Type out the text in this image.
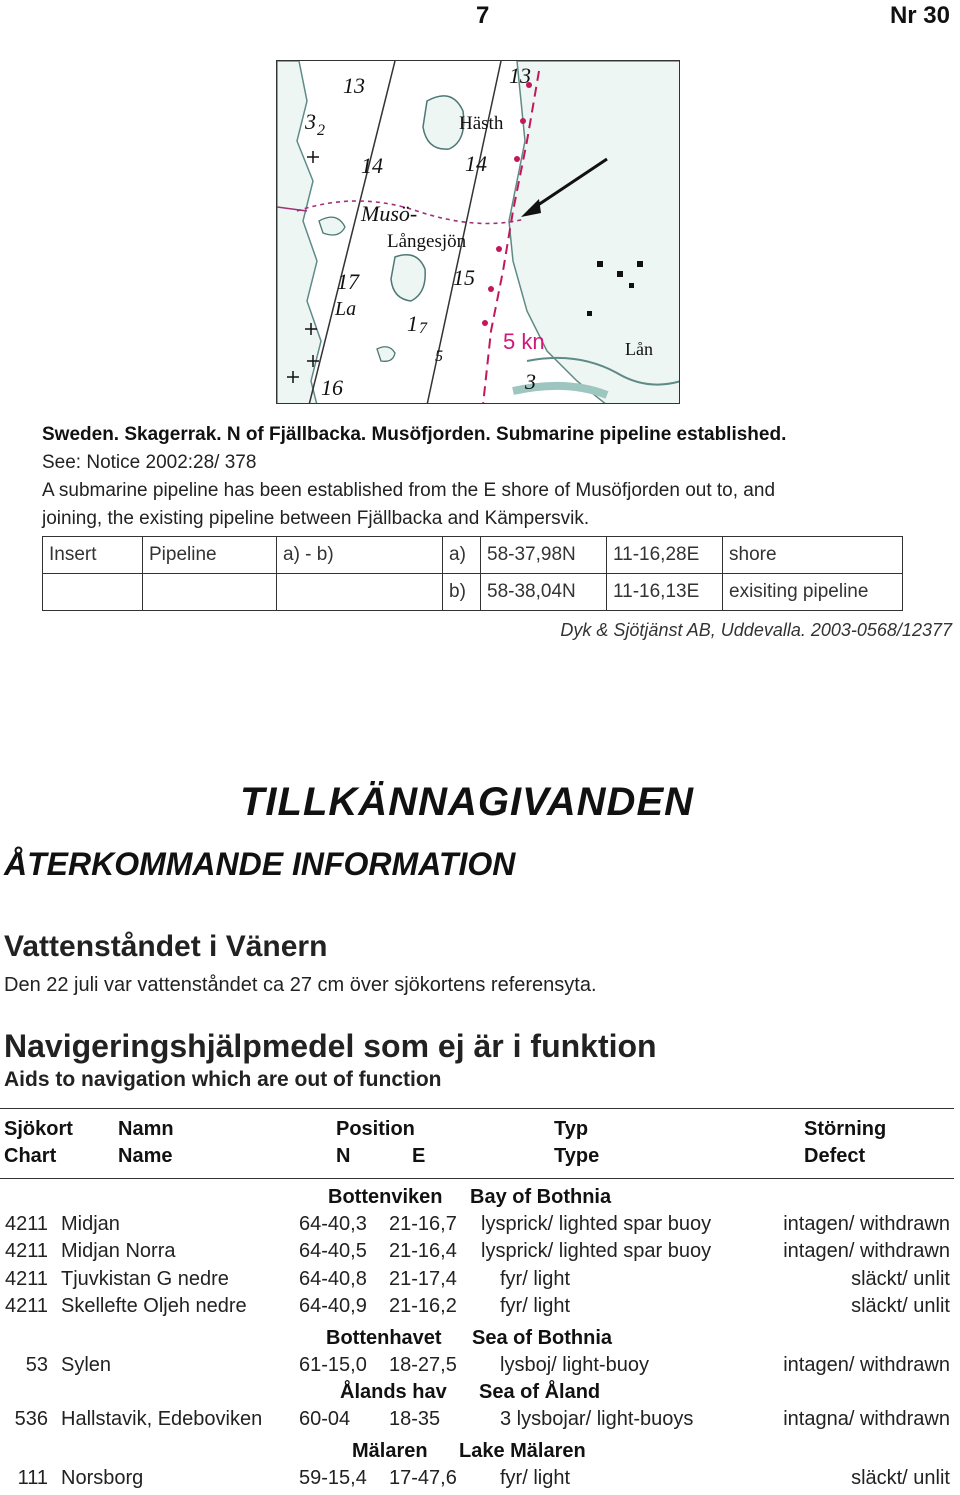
7	Nr 30
13	13
3 2
14	14
15
17
1 7
5
16	3
Hästh
Musö-
Långesjön
La
Lån
5 kn
Sweden. Skagerrak. N of Fjällbacka. Musöfjorden. Submarine pipeline established.
See: Notice 2002:28/ 378
A submarine pipeline has been established from the E shore of Musöfjorden out to, and
joining, the existing pipeline between Fjällbacka and Kämpersvik.
Insert	Pipeline	a) - b)	a)	58-37,98N	11-16,28E	shore
			b)	58-38,04N	11-16,13E	exisiting pipeline
Dyk & Sjötjänst AB, Uddevalla. 2003-0568/12377
TILLKÄNNAGIVANDEN
ÅTERKOMMANDE INFORMATION
Vattenståndet i Vänern
Den 22 juli var vattenståndet ca 27 cm över sjökortens referensyta.
Navigeringshjälpmedel som ej är i funktion
Aids to navigation which are out of function
Sjökort Namn	Position	Typ	Störning
Chart	Name	N	E	Type	Defect
Bottenviken Bay of Bothnia
4211 Midjan	64-40,3 21-16,7 lysprick/ lighted spar buoy	intagen/ withdrawn
4211 Midjan Norra	64-40,5 21-16,4 lysprick/ lighted spar buoy	intagen/ withdrawn
4211 Tjuvkistan G nedre	64-40,8 21-17,4 fyr/ light	släckt/ unlit
4211 Skellefte Oljeh nedre	64-40,9 21-16,2 fyr/ light	släckt/ unlit
Bottenhavet Sea of Bothnia
53 Sylen	61-15,0 18-27,5 lysboj/ light-buoy	intagen/ withdrawn
Ålands hav Sea of Åland
536 Hallstavik, Edeboviken 60-04 18-35	3 lysbojar/ light-buoys	intagna/ withdrawn
Mälaren Lake Mälaren
111 Norsborg	59-15,4 17-47,6 fyr/ light	släckt/ unlit
